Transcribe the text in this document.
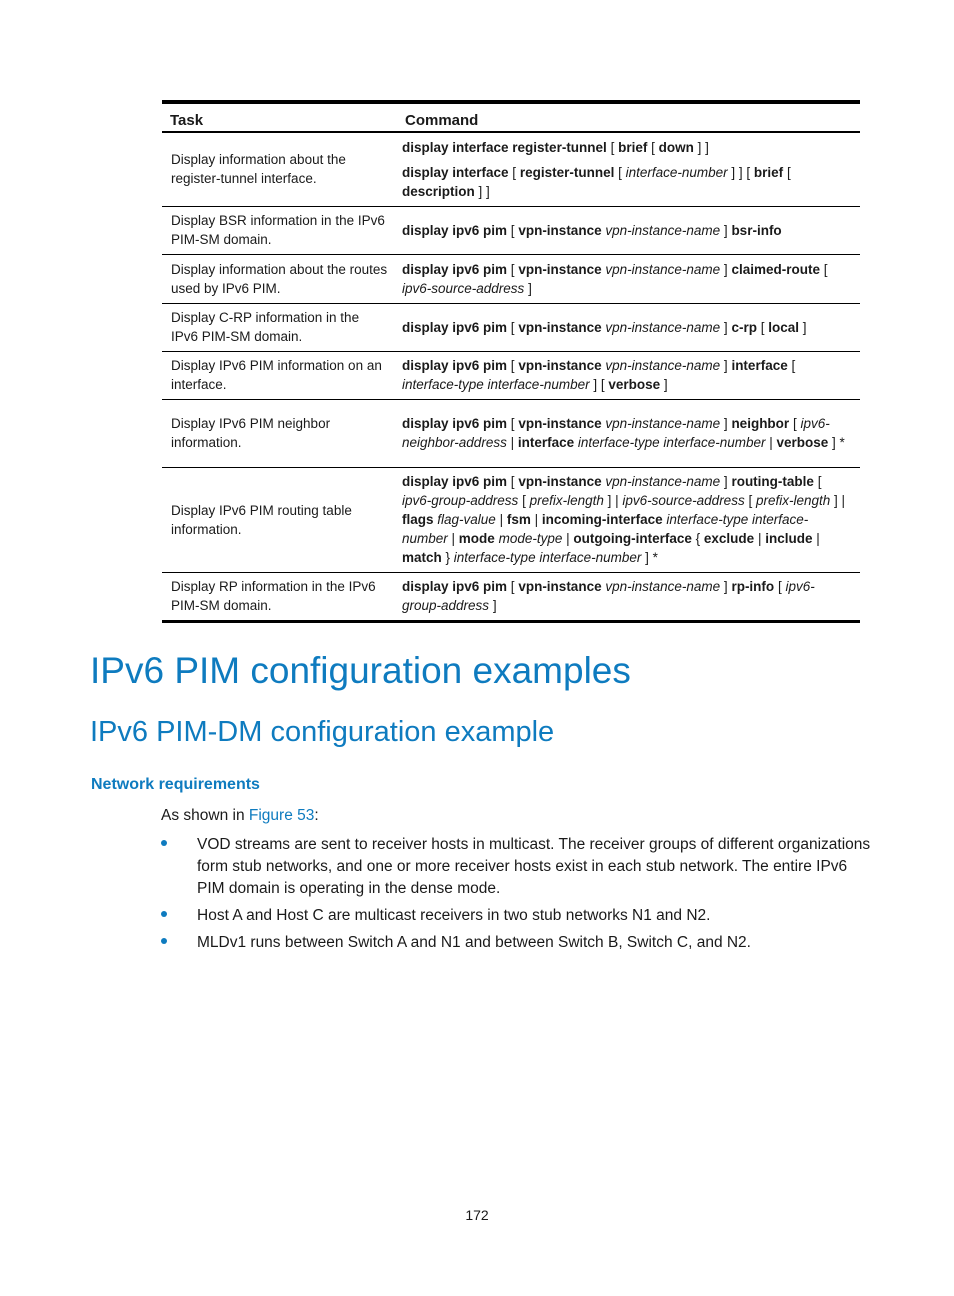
Task	Command
Display information about the register-tunnel interface.	display interface register-tunnel [ brief [ down ] ]

display interface [ register-tunnel [ interface-number ] ] [ brief [ description ] ]

Display BSR information in the IPv6 PIM-SM domain.	display ipv6 pim [ vpn-instance vpn-instance-name ] bsr-info

Display information about the routes used by IPv6 PIM.	display ipv6 pim [ vpn-instance vpn-instance-name ] claimed-route [ ipv6-source-address ]

Display C-RP information in the IPv6 PIM-SM domain.	display ipv6 pim [ vpn-instance vpn-instance-name ] c-rp [ local ]

Display IPv6 PIM information on an interface.	display ipv6 pim [ vpn-instance vpn-instance-name ] interface [ interface-type interface-number ] [ verbose ]

Display IPv6 PIM neighbor information.	display ipv6 pim [ vpn-instance vpn-instance-name ] neighbor [ ipv6-neighbor-address | interface interface-type interface-number | verbose ] *

Display IPv6 PIM routing table information.	display ipv6 pim [ vpn-instance vpn-instance-name ] routing-table [ ipv6-group-address [ prefix-length ] | ipv6-source-address [ prefix-length ] | flags flag-value | fsm | incoming-interface interface-type interface-number | mode mode-type | outgoing-interface { exclude | include | match } interface-type interface-number ] *

Display RP information in the IPv6 PIM-SM domain.	display ipv6 pim [ vpn-instance vpn-instance-name ] rp-info [ ipv6-group-address ]

IPv6 PIM configuration examples
IPv6 PIM-DM configuration example
Network requirements

As shown in Figure 53:

VOD streams are sent to receiver hosts in multicast. The receiver groups of different organizations form stub networks, and one or more receiver hosts exist in each stub network. The entire IPv6 PIM domain is operating in the dense mode.
Host A and Host C are multicast receivers in two stub networks N1 and N2.
MLDv1 runs between Switch A and N1 and between Switch B, Switch C, and N2.
172
